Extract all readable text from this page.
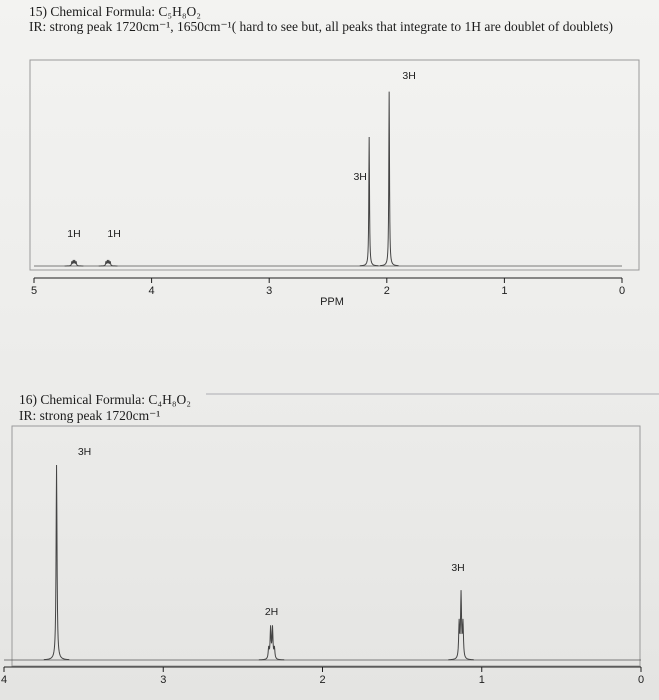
15) Chemical Formula: C₅H₈O₂

IR: strong peak 1720cm⁻¹, 1650cm⁻¹( hard to see but, all peaks that integrate to 1H are doublet of doublets)

5	4	3	2	1	0
PPM
1H	1H
3H
3H

16) Chemical Formula: C₄H₈O₂

IR: strong peak 1720cm⁻¹

4	3	2	1	0
3H
2H
3H
